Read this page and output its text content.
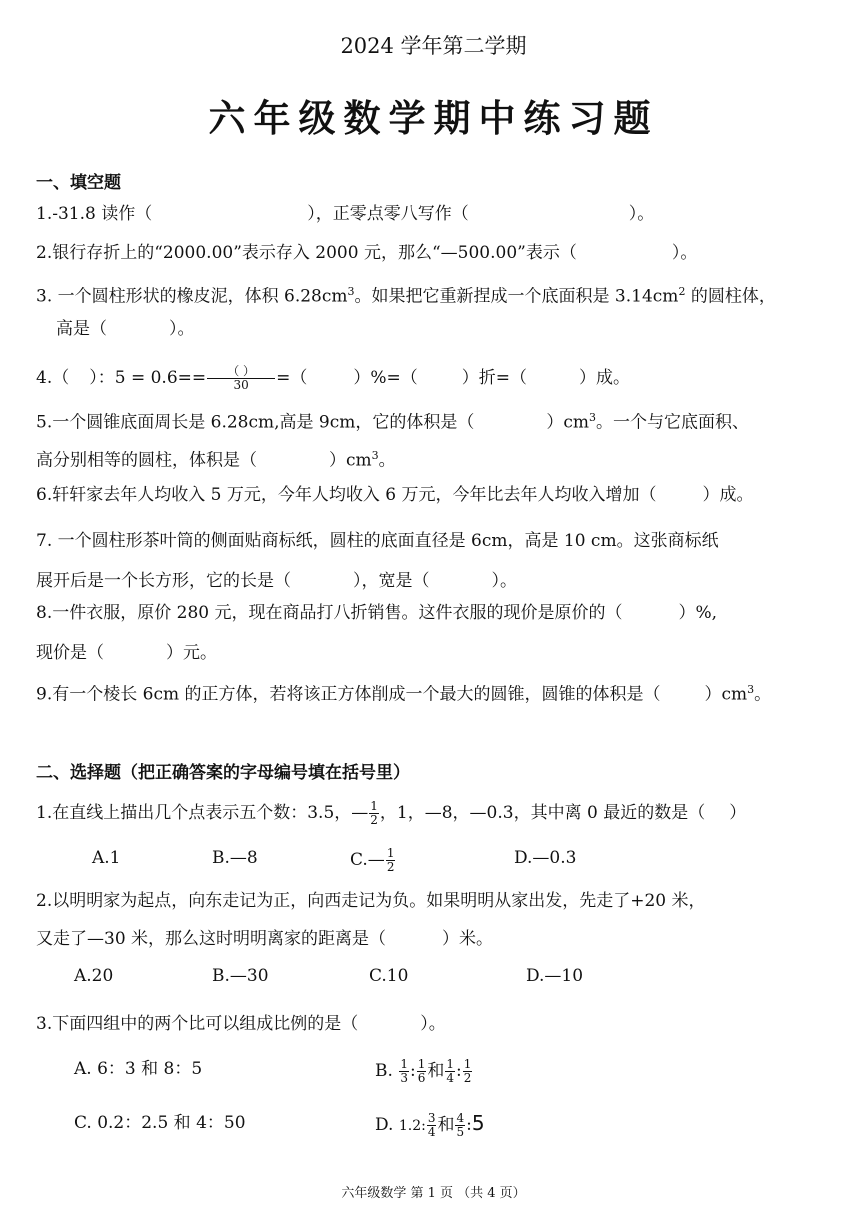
2024 学年第二学期
六年级数学期中练习题
一、填空题
1.-31.8 读作（	），正零点零八写作（	）。
2.银行存折上的“2000.00”表示存入 2000 元，那么“—500.00”表示（	）。
3. 一个圆柱形状的橡皮泥，体积 $6.28cm^3$。如果把它重新捏成一个底面积是 $3.14cm^2$ 的圆柱体，
高是（	）。
4.（ ）：$5 = 0.6== \frac{( )}{30}$ =（	）%=（	）折=（	）成。
5.一个圆锥底面周长是 6.28cm,高是 9cm，它的体积是（	）$cm^3$。一个与它底面积、
高分别相等的圆柱，体积是（	）$cm^3$。
6.轩轩家去年人均收入 5 万元，今年人均收入 6 万元，今年比去年人均收入增加（	）成。
7. 一个圆柱形茶叶筒的侧面贴商标纸，圆柱的底面直径是 6cm，高是 10 cm。这张商标纸
展开后是一个长方形，它的长是（	），宽是（	）。
8.一件衣服，原价 280 元，现在商品打八折销售。这件衣服的现价是原价的（	）%,
现价是（	）元。
9.有一个棱长 6cm 的正方体，若将该正方体削成一个最大的圆锥，圆锥的体积是（	）$cm^3$。
二、选择题（把正确答案的字母编号填在括号里）
1.在直线上描出几个点表示五个数：3.5，— $\frac{1}{2}$ ，1，—8，—0.3，其中离 0 最近的数是（ ）
A.1	B.—8	C.— $\frac{1}{2}$	D.—0.3
2.以明明家为起点，向东走记为正，向西走记为负。如果明明从家出发，先走了+20 米，
又走了—30 米，那么这时明明离家的距离是（	）米。
A.20	B.—30	C.10	D.—10
3.下面四组中的两个比可以组成比例的是（	）。
A. 6：3 和 8：5	B. $\frac{1}{3}$ : $\frac{1}{6}$ 和 $\frac{1}{4}$ : $\frac{1}{2}$
C. 0.2：2.5 和 4：50	D. 1.2: $\frac{3}{4}$ 和 $\frac{4}{5}$ :5
六年级数学 第 1 页 （共 4 页）
